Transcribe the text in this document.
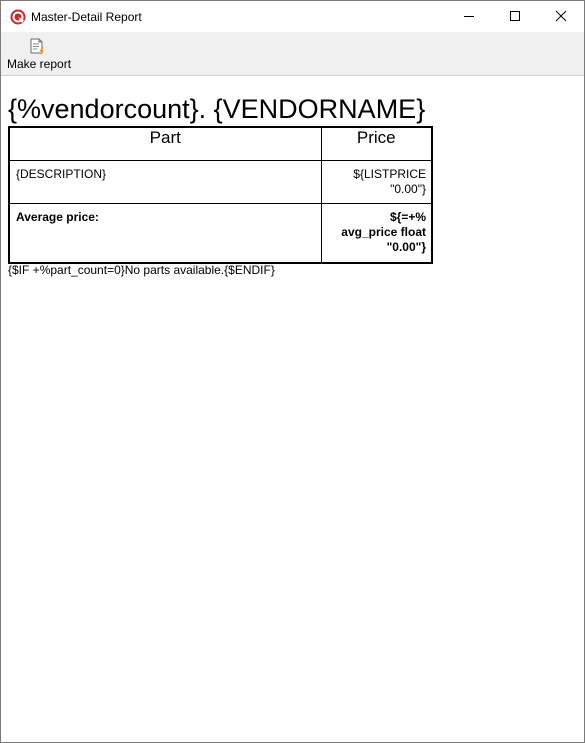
Master-Detail Report
Make report
{%vendorcount}. {VENDORNAME}
Part	Price

{DESCRIPTION}	${LISTPRICE
"0.00"}

Average price:	${=+%
avg_price float
"0.00"}
{$IF +%part_count=0}No parts available.{$ENDIF}
